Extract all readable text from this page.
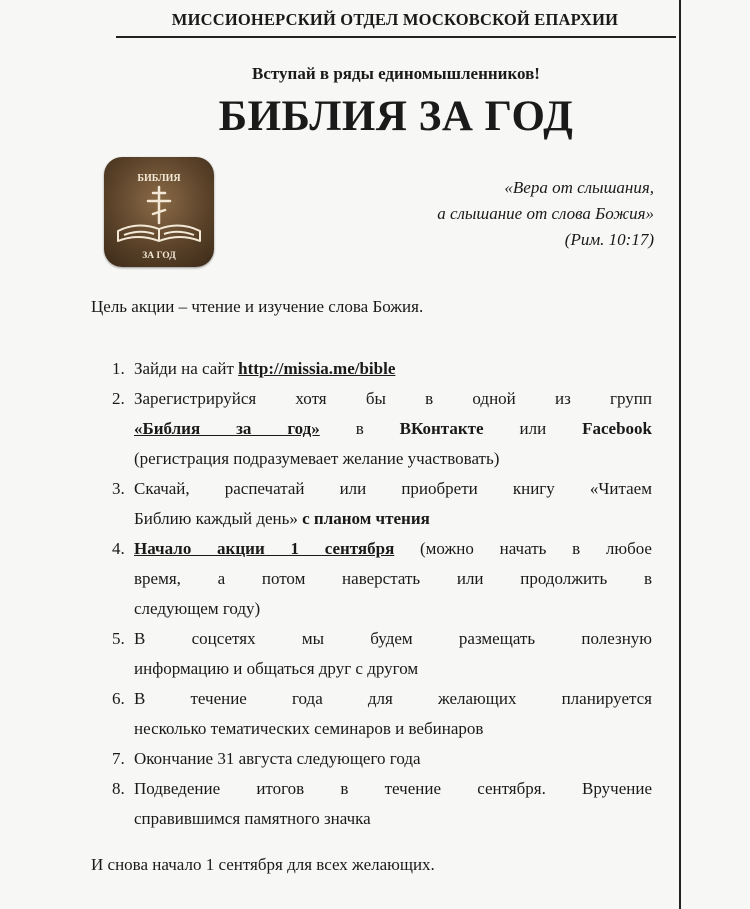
МИССИОНЕРСКИЙ ОТДЕЛ МОСКОВСКОЙ ЕПАРХИИ
Вступай в ряды единомышленников!
БИБЛИЯ ЗА ГОД
БИБЛИЯ
ЗА ГОД
«Вера от слышания,
а слышание от слова Божия»
(Рим. 10:17)
Цель акции – чтение и изучение слова Божия.
1. Зайди на сайт http://missia.me/bible
2. Зарегистрируйся хотя бы в одной из групп
«Библия за год» в ВКонтакте или Facebook
(регистрация подразумевает желание участвовать)
3. Скачай, распечатай или приобрети книгу «Читаем
Библию каждый день» с планом чтения
4. Начало акции 1 сентября (можно начать в любое
время, а потом наверстать или продолжить в
следующем году)
5. В соцсетях мы будем размещать полезную
информацию и общаться друг с другом
6. В течение года для желающих планируется
несколько тематических семинаров и вебинаров
7. Окончание 31 августа следующего года
8. Подведение итогов в течение сентября. Вручение
справившимся памятного значка
И снова начало 1 сентября для всех желающих.
